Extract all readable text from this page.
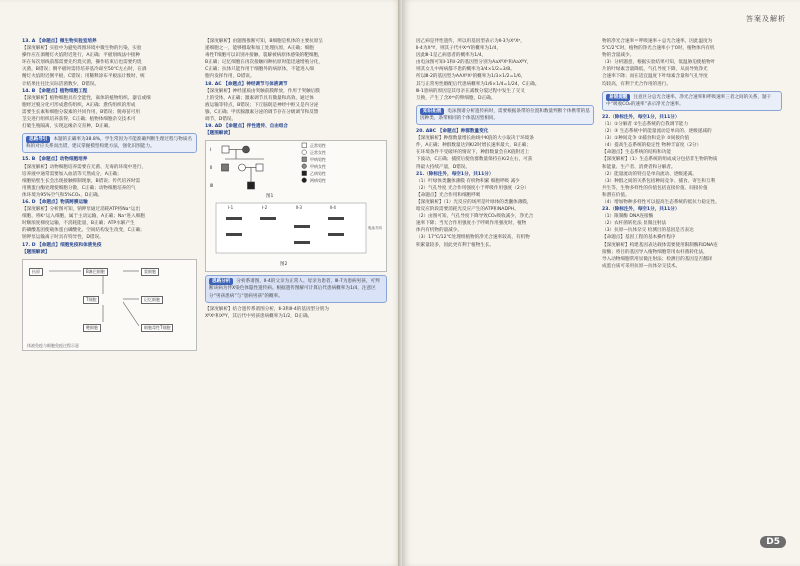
13. A 【命题点】微生物实验室培养
【深度解析】实验中为避免周围环境中微生物的污染，实验
操作应在酒精灯火焰附近进行，A正确；平板划线法中接种
环在每次划线前都需要先灼烧灭菌，操作结束后也需要灼烧
灭菌，B错误；倒平板时需待培养基冷却至50℃左右时，在酒
精灯火焰附近倒平板，C错误；用稀释涂布平板法计数时，统
计结果往往比实际活菌数少，D错误。
14. B 【命题点】植物细胞工程
【深度解析】植物细胞具有全能性，离体的植物组织、器官或细
胞经过脱分化可形成愈伤组织，A正确；愈伤组织的形成
需要生长素和细胞分裂素的共同作用，B错误；脱毒苗可用
茎尖进行组织培养获得，C正确；植物体细胞杂交技术可
打破生殖隔离，实现远缘杂交育种，D正确。
思路导引 本题的正确率为38.8%，学生常因为不能准确判断生理过程与物质名称的对应关系而出错，建议掌握模型构建方法，强化识图能力。
15. B 【命题点】动物细胞培养
【深度解析】动物细胞培养需要在无菌、无毒的环境中进行，
培养液中通常需要加入血清等天然成分，A正确；
细胞贴壁生长会出现接触抑制现象，B错误；传代培养时需
用胰蛋白酶处理使细胞分散，C正确；动物细胞培养的气
体环境为95%空气和5%CO₂，D正确。
16. D 【命题点】物质跨膜运输
【深度解析】分析图可知，钠钾泵通过消耗ATP将Na⁺运出
细胞、将K⁺运入细胞，属于主动运输，A正确；Na⁺进入细胞
时顺浓度梯度运输，不消耗能量，B正确；ATP水解产生
的磷酸基团使载体蛋白磷酸化，空间结构发生改变，C正确；
钠钾泵运输离子时具有特异性，D错误。
17. D 【命题点】细胞免疫和体液免疫
【题图解读】
抗原	B淋巴细胞
T细胞
浆细胞
记忆细胞
细胞毒性T细胞
靶细胞
体液免疫与细胞免疫过程示意
【深度解析】由题图推断可知，B细胞是机体的主要抗原呈
递细胞之一，能够摄取和加工处理抗原，A正确；细胞
毒性T细胞可以识别并接触、裂解被病原体感染的靶细胞，
B正确；记忆细胞在再次接触同种抗原时能迅速增殖分化，
C正确；抗体只能作用于细胞外的病原体，不能进入细
胞内发挥作用，D错误。
18. AC 【命题点】神经调节与体液调节
【深度解析】神经递质由突触前膜释放，作用于突触后膜
上的受体，A正确；激素调节具有微量和高效、通过体
液运输等特点，B错误；下丘脑既是神经中枢又是内分泌
腺，C正确；甲状腺激素分泌的调节存在分级调节和反馈
调节，D错误。
19. AD 【命题点】伴性遗传、自由组合
【题图解读】
Ⅰ
Ⅱ
Ⅲ
正常男性
正常女性
甲病男性
甲病女性
乙病男性
两病男性
图1
Ⅰ-1	Ⅰ-2	Ⅱ-3	Ⅱ-4
电泳方向
图2
思路分析 分析系谱图，Ⅱ-4的父亲为正常人、母亲为患者，Ⅲ-7为患病男孩，可判断该病为伴X染色体隐性遗传病。根据遗传图解可计算后代患病概率为1/4，注意区分“男孩患病”与“患病男孩”的概率。
【深度解析】结合遗传系谱图分析，Ⅱ-3和Ⅱ-4的基因型分别为
XᴮXᵇ和XᴮY，其后代中男孩患病概率为1/2，D正确。
答案及解析
因乙病是伴性遗传，所以用基因型表示为Ⅱ-3为XᴬXᵃ，
Ⅱ-4为XᴬY，则其子代中XᵃY的概率为1/4，
因此Ⅲ-1是乙病患者的概率为1/4，
由电泳图可知Ⅰ-1和Ⅰ-2的基因型分别为AaXᴮXᵇ和AaXᴮY，
则其女儿中两病都不患的概率为3/4×1/2=3/8。
所以Ⅲ-2的基因型为AAXᴮXᵇ的概率为1/3×1/2=1/6，
其与正常男性婚配后代患病概率为1/6×1/4=1/24，C正确。
Ⅲ-1患病的原因是其母亲在减数分裂过程中发生了交叉
互换，产生了含Xᵃᵇ的卵细胞，D正确。
知识拓展 电泳图谱分析遗传病时，需要根据条带的位置和数量判断个体携带的基因种类，条带相同的个体基因型相同。
20. ABC 【命题点】种群数量变化
【深度解析】种群数量增长曲线中K值的大小取决于环境条
件，A正确；种群数量达到K/2时增长速率最大，B正确；
在环境条件不受破坏的情况下，种群数量会在K值附近上
下波动，C正确；捕捞后使鱼群数量保持在K/2左右，可获
得最大持续产量，D错误。
21.（除标注外，每空1分，共11分）
（1）叶绿体类囊体薄膜 有机物积累 细胞呼吸 减少
（2）气孔导度 光合作用强度小于呼吸作用强度（2分）
【命题点】光合作用和细胞呼吸
【深度解析】（1）光反应的场所是叶绿体的类囊体薄膜，
暗反应阶段需要消耗光反应产生的ATP和NADPH。
（2）由图可知，气孔导度下降导致CO₂吸收减少，净光合
速率下降；当光合作用强度小于呼吸作用强度时，植物
体内有机物的量减少。
（3）17℃/12℃处理组植物的净光合速率较高，有机物
积累量较多，因此更有利于植物生长。
物的净光合速率＝呼吸速率＋总光合速率，因此温度为
5℃/2℃时，植物的净光合速率小于0时，植物体内有机
物的含量减少。
（3）分析题意，根据实验结果可知，低温胁迫使植物叶
片的叶绿素含量降低，气孔导度下降，从而导致净光
合速率下降；而在适宜温度下叶绿素含量和气孔导度
均较高，有利于光合作用的进行。
易错提醒 注意区分总光合速率、净光合速率和呼吸速率三者之间的关系，题干中“吸收CO₂的速率”表示净光合速率。
22.（除标注外，每空1分，共11分）
（1）①分解者 ②生态系统的自我调节能力
（2）③ 生态系统中的能量流动是单向的、逐级递减的
（3）①种间竞争 ②捕食和竞争 ③间接价值
（4）提高生态系统的稳定性 物种丰富度（2分）
【命题点】生态系统的结构和功能
【深度解析】（1）生态系统的组成成分包括非生物的物质
和能量、生产者、消费者和分解者。
（2）能量流动的特点是单向流动、逐级递减。
（3）种群之间的关系包括种间竞争、捕食、寄生和互利
共生等，生物多样性的价值包括直接价值、间接价值
和潜在价值。
（4）增加物种多样性可以提高生态系统的抵抗力稳定性。
23.（除标注外，每空1分，共11分）
（1）限制酶 DNA连接酶
（2）农杆菌转化法 显微注射法
（3）抗原—抗体杂交 检测目的基因是否表达
【命题点】基因工程的基本操作程序
【深度解析】构建基因表达载体需要使用限制酶和DNA连
接酶；将目的基因导入植物细胞常用农杆菌转化法，
导入动物细胞常用显微注射法；检测目的基因是否翻译
成蛋白质可采用抗原—抗体杂交技术。
D5
